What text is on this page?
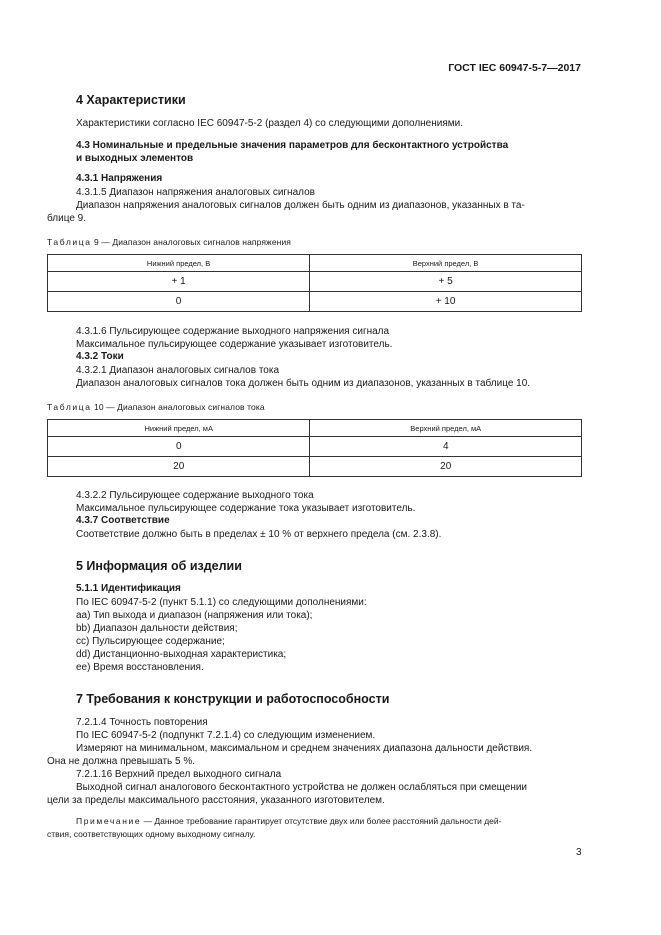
ГОСТ IEC 60947-5-7—2017
4 Характеристики
Характеристики согласно IEC 60947-5-2 (раздел 4) со следующими дополнениями.
4.3 Номинальные и предельные значения параметров для бесконтактного устройства
и выходных элементов
4.3.1 Напряжения
4.3.1.5 Диапазон напряжения аналоговых сигналов
Диапазон напряжения аналоговых сигналов должен быть одним из диапазонов, указанных в та-
блице 9.
Таблица 9 — Диапазон аналоговых сигналов напряжения
Нижний предел, В	Верхний предел, В
+ 1	+ 5
0	+ 10
4.3.1.6 Пульсирующее содержание выходного напряжения сигнала
Максимальное пульсирующее содержание указывает изготовитель.
4.3.2 Токи
4.3.2.1 Диапазон аналоговых сигналов тока
Диапазон аналоговых сигналов тока должен быть одним из диапазонов, указанных в таблице 10.
Таблица 10 — Диапазон аналоговых сигналов тока
Нижний предел, мА	Верхний предел, мА
0	4
20	20
4.3.2.2 Пульсирующее содержание выходного тока
Максимальное пульсирующее содержание тока указывает изготовитель.
4.3.7 Соответствие
Соответствие должно быть в пределах ± 10 % от верхнего предела (см. 2.3.8).
5 Информация об изделии
5.1.1 Идентификация
По IEC 60947-5-2 (пункт 5.1.1) со следующими дополнениями:
аа) Тип выхода и диапазон (напряжения или тока);
bb) Диапазон дальности действия;
сс) Пульсирующее содержание;
dd) Дистанционно-выходная характеристика;
ее) Время восстановления.
7 Требования к конструкции и работоспособности
7.2.1.4 Точность повторения
По IEC 60947-5-2 (подпункт 7.2.1.4) со следующим изменением.
Измеряют на минимальном, максимальном и среднем значениях диапазона дальности действия.
Она не должна превышать 5 %.
7.2.1.16 Верхний предел выходного сигнала
Выходной сигнал аналогового бесконтактного устройства не должен ослабляться при смещении
цели за пределы максимального расстояния, указанного изготовителем.
Примечание — Данное требование гарантирует отсутствие двух или более расстояний дальности дей-
ствия, соответствующих одному выходному сигналу.
3
